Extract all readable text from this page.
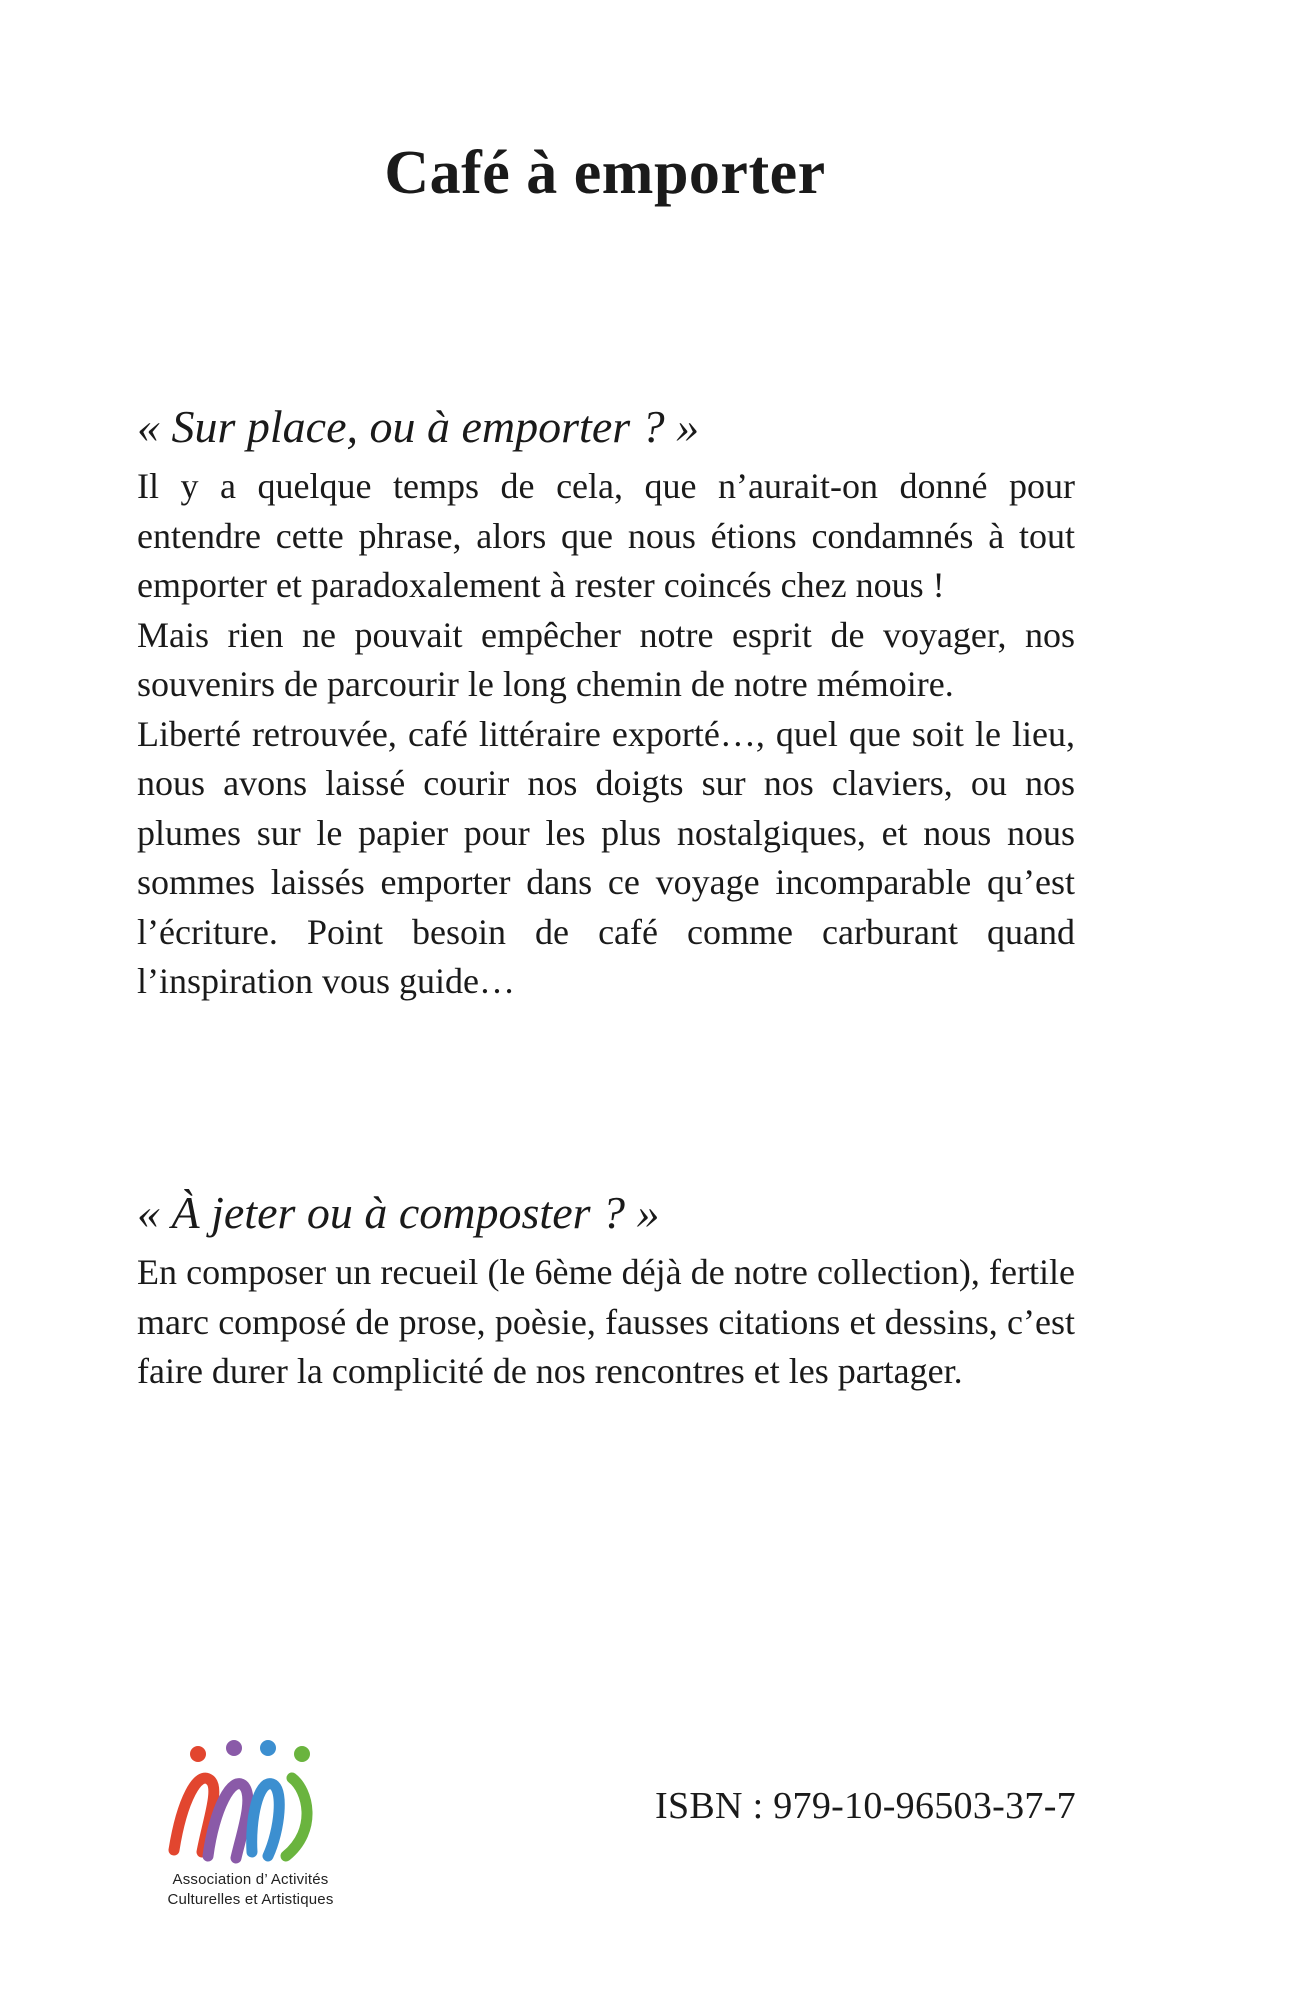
Café à emporter

« Sur place, ou à emporter ? »

Il y a quelque temps de cela, que n’aurait-on donné pour entendre cette phrase, alors que nous étions condamnés à tout emporter et paradoxalement à rester coincés chez nous !

Mais rien ne pouvait empêcher notre esprit de voyager, nos souvenirs de parcourir le long chemin de notre mémoire.

Liberté retrouvée, café littéraire exporté…, quel que soit le lieu, nous avons laissé courir nos doigts sur nos claviers, ou nos plumes sur le papier pour les plus nostalgiques, et nous nous sommes laissés emporter dans ce voyage incomparable qu’est l’écriture. Point besoin de café comme carburant quand l’inspiration vous guide…

« À jeter ou à composter ? »

En composer un recueil (le 6ème déjà de notre collection), fertile marc composé de prose, poèsie, fausses citations et dessins, c’est faire durer la complicité de nos rencontres et les partager.

Association d’ Activités
Culturelles et Artistiques
ISBN : 979-10-96503-37-7
